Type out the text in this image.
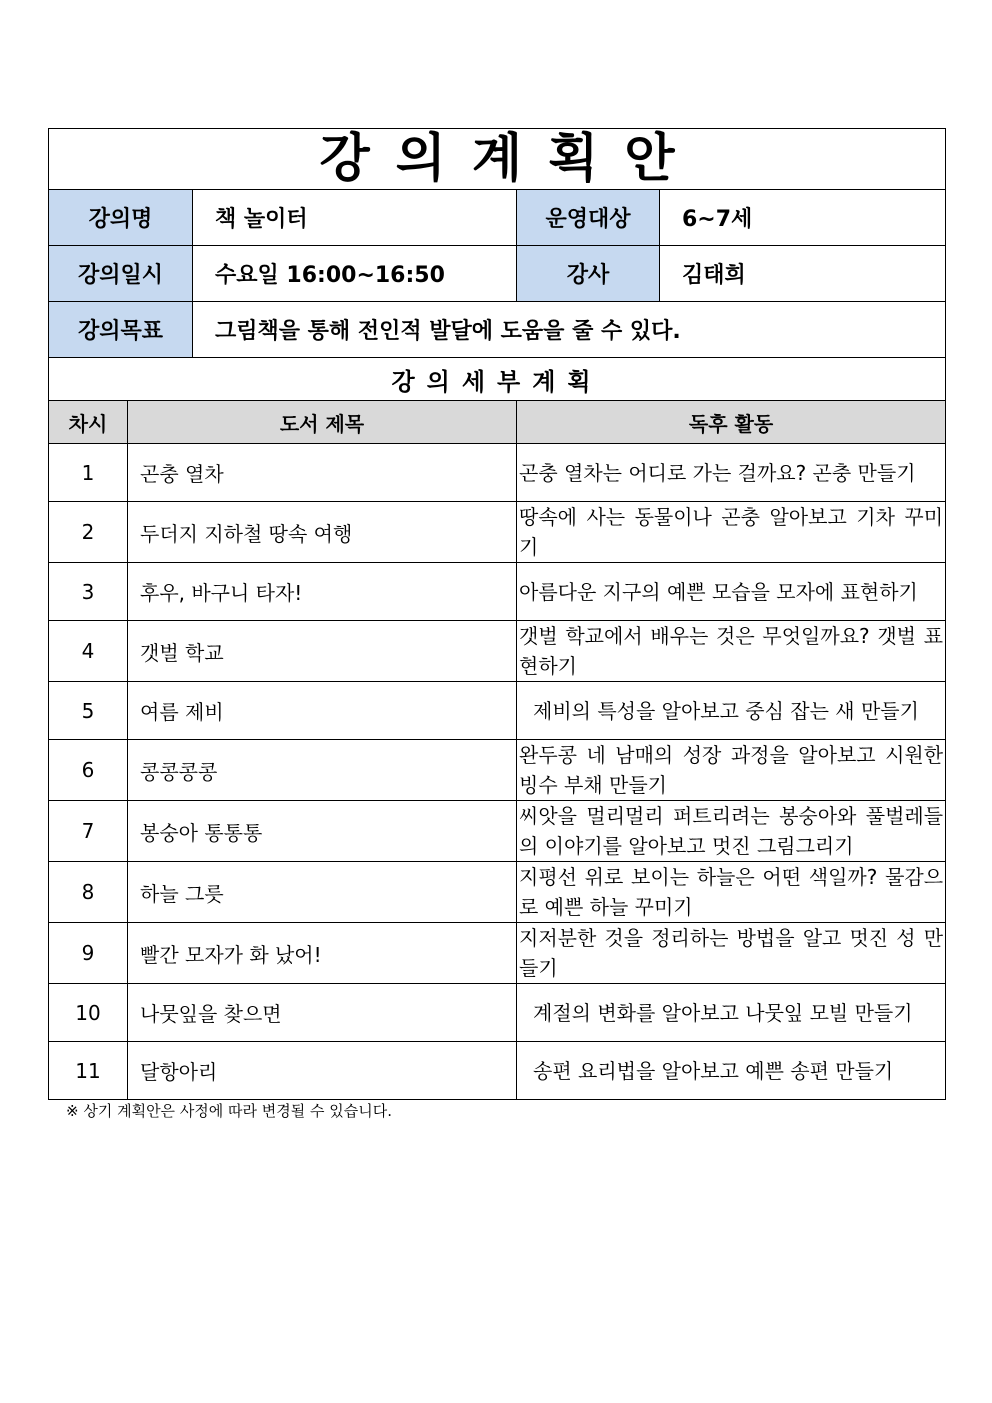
강의계획안				
강의명		책 놀이터	운영대상	6~7세
강의일시		수요일 16:00~16:50	강사	김태희
강의목표		그림책을 통해 전인적 발달에 도움을 줄 수 있다.		
강의세부계획				
차시	도서 제목		독후 활동	
1	곤충 열차		곤충 열차는 어디로 가는 걸까요? 곤충 만들기	
2	두더지 지하철 땅속 여행		땅속에 사는 동물이나 곤충 알아보고 기차 꾸미기	
3	후우, 바구니 타자!		아름다운 지구의 예쁜 모습을 모자에 표현하기	
4	갯벌 학교		갯벌 학교에서 배우는 것은 무엇일까요? 갯벌 표현하기	
5	여름 제비		제비의 특성을 알아보고 중심 잡는 새 만들기	
6	콩콩콩콩		완두콩 네 남매의 성장 과정을 알아보고 시원한 빙수 부채 만들기	
7	봉숭아 통통통		씨앗을 멀리멀리 퍼트리려는 봉숭아와 풀벌레들의 이야기를 알아보고 멋진 그림그리기	
8	하늘 그릇		지평선 위로 보이는 하늘은 어떤 색일까? 물감으로 예쁜 하늘 꾸미기	
9	빨간 모자가 화 났어!		지저분한 것을 정리하는 방법을 알고 멋진 성 만들기	
10	나뭇잎을 찾으면		계절의 변화를 알아보고 나뭇잎 모빌 만들기	
11	달항아리		송편 요리법을 알아보고 예쁜 송편 만들기	
※ 상기 계획안은 사정에 따라 변경될 수 있습니다.
